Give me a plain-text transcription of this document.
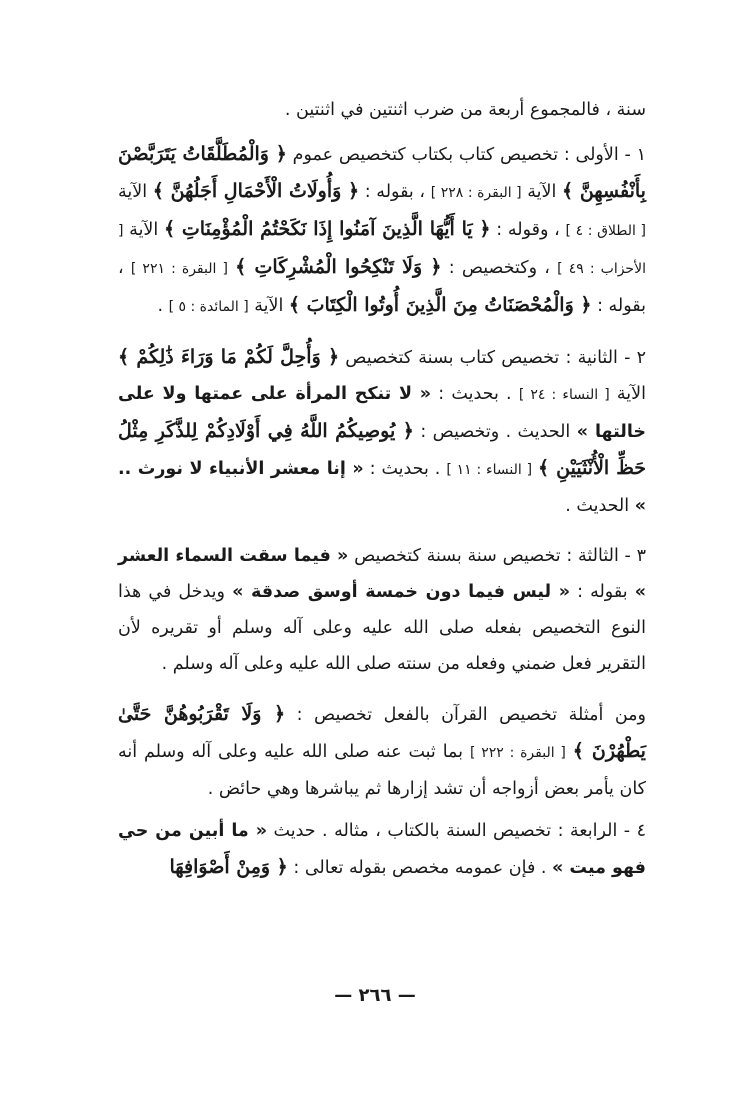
سنة ، فالمجموع أربعة من ضرب اثنتين في اثنتين .

١ - الأولى : تخصيص كتاب بكتاب كتخصيص عموم ﴿ وَالْمُطَلَّقَاتُ يَتَرَبَّصْنَ بِأَنْفُسِهِنَّ ﴾ الآية [ البقرة : ٢٢٨ ] ، بقوله : ﴿ وَأُولَاتُ الْأَحْمَالِ أَجَلُهُنَّ ﴾ الآية [ الطلاق : ٤ ] ، وقوله : ﴿ يَا أَيُّهَا الَّذِينَ آمَنُوا إِذَا نَكَحْتُمُ الْمُؤْمِنَاتِ ﴾ الآية [ الأحزاب : ٤٩ ] ، وكتخصيص : ﴿ وَلَا تَنْكِحُوا الْمُشْرِكَاتِ ﴾ [ البقرة : ٢٢١ ] ، بقوله : ﴿ وَالْمُحْصَنَاتُ مِنَ الَّذِينَ أُوتُوا الْكِتَابَ ﴾ الآية [ المائدة : ٥ ] .

٢ - الثانية : تخصيص كتاب بسنة كتخصيص ﴿ وَأُحِلَّ لَكُمْ مَا وَرَاءَ ذَٰلِكُمْ ﴾ الآية [ النساء : ٢٤ ] . بحديث : « لا تنكح المرأة على عمتها ولا على خالتها » الحديث . وتخصيص : ﴿ يُوصِيكُمُ اللَّهُ فِي أَوْلَادِكُمْ لِلذَّكَرِ مِثْلُ حَظِّ الْأُنْثَيَيْنِ ﴾ [ النساء : ١١ ] . بحديث : « إنا معشر الأنبياء لا نورث .. » الحديث .

٣ - الثالثة : تخصيص سنة بسنة كتخصيص « فيما سقت السماء العشر » بقوله : « ليس فيما دون خمسة أوسق صدقة » ويدخل في هذا النوع التخصيص بفعله صلى الله عليه وعلى آله وسلم أو تقريره لأن التقرير فعل ضمني وفعله من سنته صلى الله عليه وعلى آله وسلم .

ومن أمثلة تخصيص القرآن بالفعل تخصيص : ﴿ وَلَا تَقْرَبُوهُنَّ حَتَّىٰ يَطْهُرْنَ ﴾ [ البقرة : ٢٢٢ ] بما ثبت عنه صلى الله عليه وعلى آله وسلم أنه كان يأمر بعض أزواجه أن تشد إزارها ثم يباشرها وهي حائض .

٤ - الرابعة : تخصيص السنة بالكتاب ، مثاله . حديث « ما أبين من حي فهو ميت » . فإن عمومه مخصص بقوله تعالى : ﴿ وَمِنْ أَصْوَافِهَا

— ٢٦٦ —
